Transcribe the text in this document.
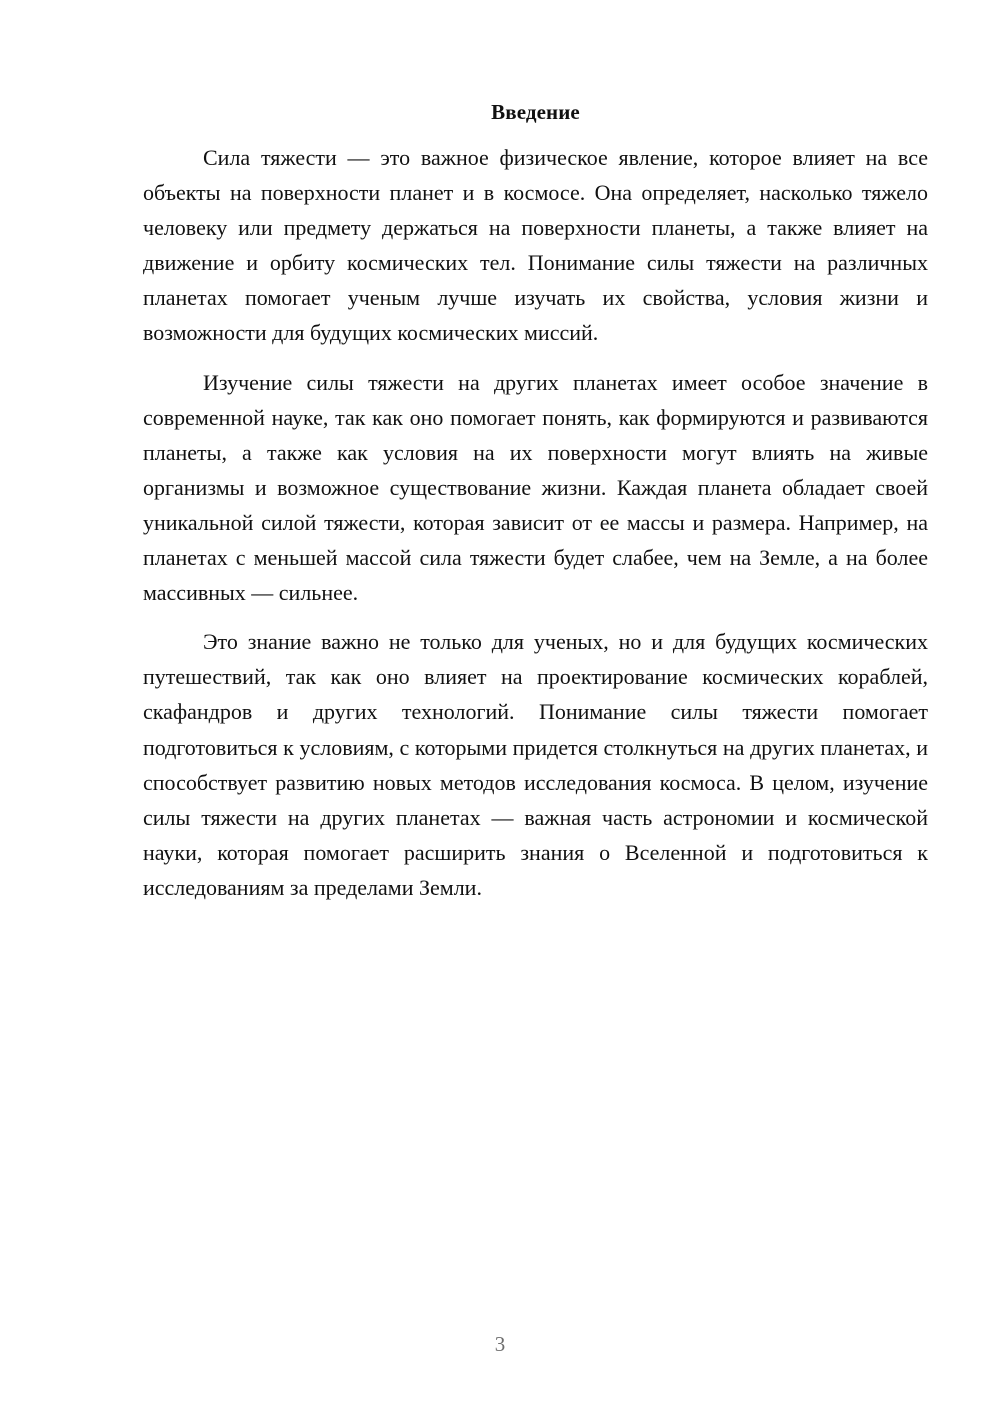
Введение

Сила тяжести — это важное физическое явление, которое влияет на все объекты на поверхности планет и в космосе. Она определяет, насколько тяжело человеку или предмету держаться на поверхности планеты, а также влияет на движение и орбиту космических тел. Понимание силы тяжести на различных планетах помогает ученым лучше изучать их свойства, условия жизни и возможности для будущих космических миссий.

Изучение силы тяжести на других планетах имеет особое значение в современной науке, так как оно помогает понять, как формируются и развиваются планеты, а также как условия на их поверхности могут влиять на живые организмы и возможное существование жизни. Каждая планета обладает своей уникальной силой тяжести, которая зависит от ее массы и размера. Например, на планетах с меньшей массой сила тяжести будет слабее, чем на Земле, а на более массивных — сильнее.

Это знание важно не только для ученых, но и для будущих космических путешествий, так как оно влияет на проектирование космических кораблей, скафандров и других технологий. Понимание силы тяжести помогает подготовиться к условиям, с которыми придется столкнуться на других планетах, и способствует развитию новых методов исследования космоса. В целом, изучение силы тяжести на других планетах — важная часть астрономии и космической науки, которая помогает расширить знания о Вселенной и подготовиться к исследованиям за пределами Земли.

3
